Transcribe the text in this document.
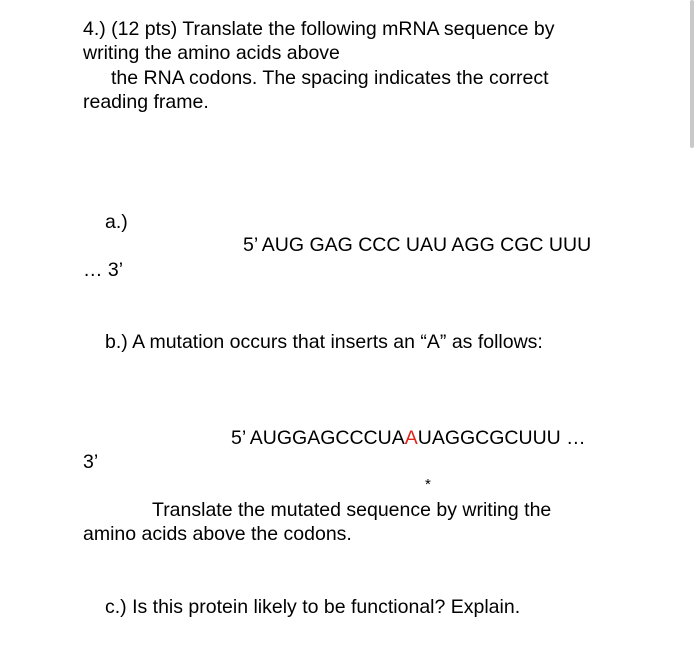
4.) (12 pts) Translate the following mRNA sequence by
writing the amino acids above
the RNA codons. The spacing indicates the correct
reading frame.
a.)
5’ AUG GAG CCC UAU AGG CGC UUU
… 3’
b.) A mutation occurs that inserts an “A” as follows:
5’ AUGGAGCCCUAAUAGGCGCUUU …
3’
*
Translate the mutated sequence by writing the
amino acids above the codons.
c.) Is this protein likely to be functional? Explain.
